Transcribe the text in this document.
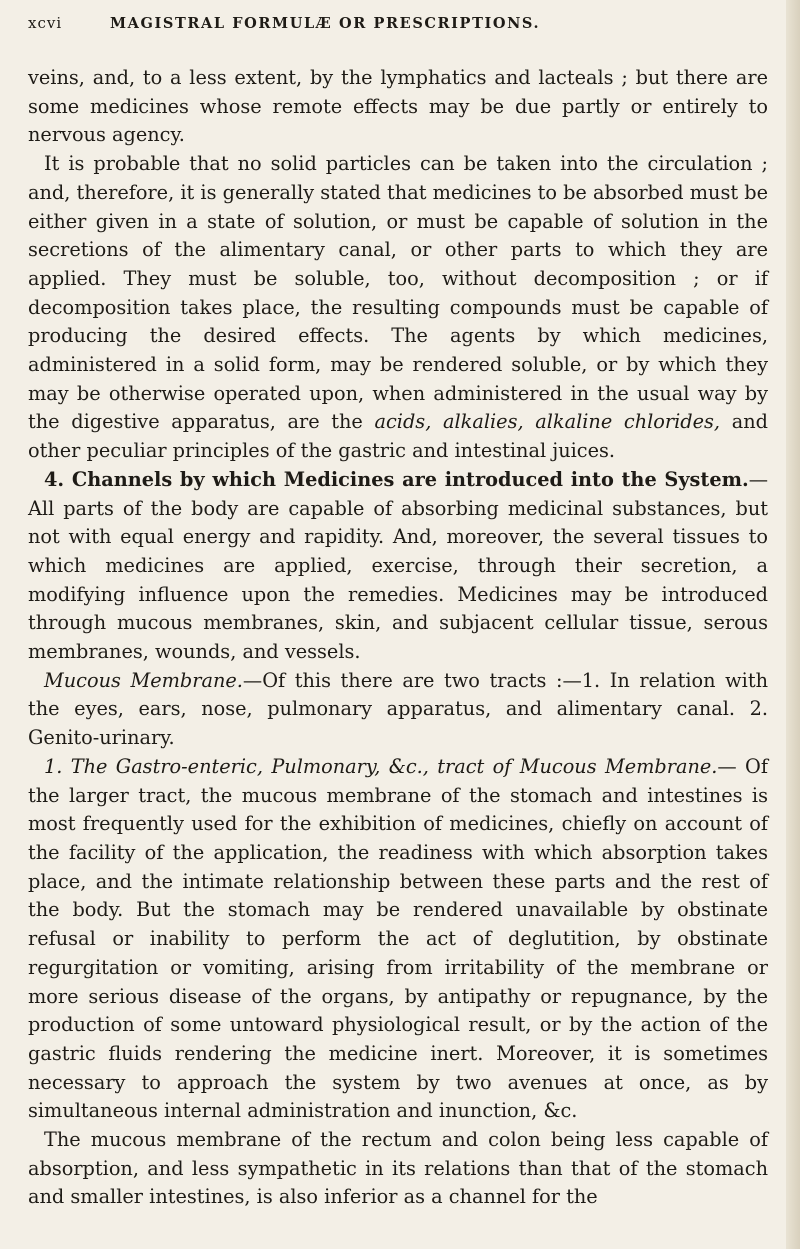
xcvi	MAGISTRAL FORMULÆ OR PRESCRIPTIONS.

veins, and, to a less extent, by the lymphatics and lacteals ; but there are some medicines whose remote effects may be due partly or entirely to nervous agency.

It is probable that no solid particles can be taken into the circulation ; and, therefore, it is generally stated that medicines to be absorbed must be either given in a state of solution, or must be capable of solution in the secretions of the alimentary canal, or other parts to which they are applied. They must be soluble, too, without decomposition ; or if decomposition takes place, the resulting compounds must be capable of producing the desired effects. The agents by which medicines, administered in a solid form, may be rendered soluble, or by which they may be otherwise operated upon, when administered in the usual way by the digestive apparatus, are the acids, alkalies, alkaline chlorides, and other peculiar principles of the gastric and intestinal juices.

4. Channels by which Medicines are introduced into the System.—All parts of the body are capable of absorbing medicinal substances, but not with equal energy and rapidity. And, moreover, the several tissues to which medicines are applied, exercise, through their secretion, a modifying influence upon the remedies. Medicines may be introduced through mucous membranes, skin, and subjacent cellular tissue, serous membranes, wounds, and vessels.

Mucous Membrane.—Of this there are two tracts :—1. In relation with the eyes, ears, nose, pulmonary apparatus, and alimentary canal. 2. Genito-urinary.

1. The Gastro-enteric, Pulmonary, &c., tract of Mucous Membrane.— Of the larger tract, the mucous membrane of the stomach and intestines is most frequently used for the exhibition of medicines, chiefly on account of the facility of the application, the readiness with which absorption takes place, and the intimate relationship between these parts and the rest of the body. But the stomach may be rendered unavailable by obstinate refusal or inability to perform the act of deglutition, by obstinate regurgitation or vomiting, arising from irritability of the membrane or more serious disease of the organs, by antipathy or repugnance, by the production of some untoward physiological result, or by the action of the gastric fluids rendering the medicine inert. Moreover, it is sometimes necessary to approach the system by two avenues at once, as by simultaneous internal administration and inunction, &c.

The mucous membrane of the rectum and colon being less capable of absorption, and less sympathetic in its relations than that of the stomach and smaller intestines, is also inferior as a channel for the
